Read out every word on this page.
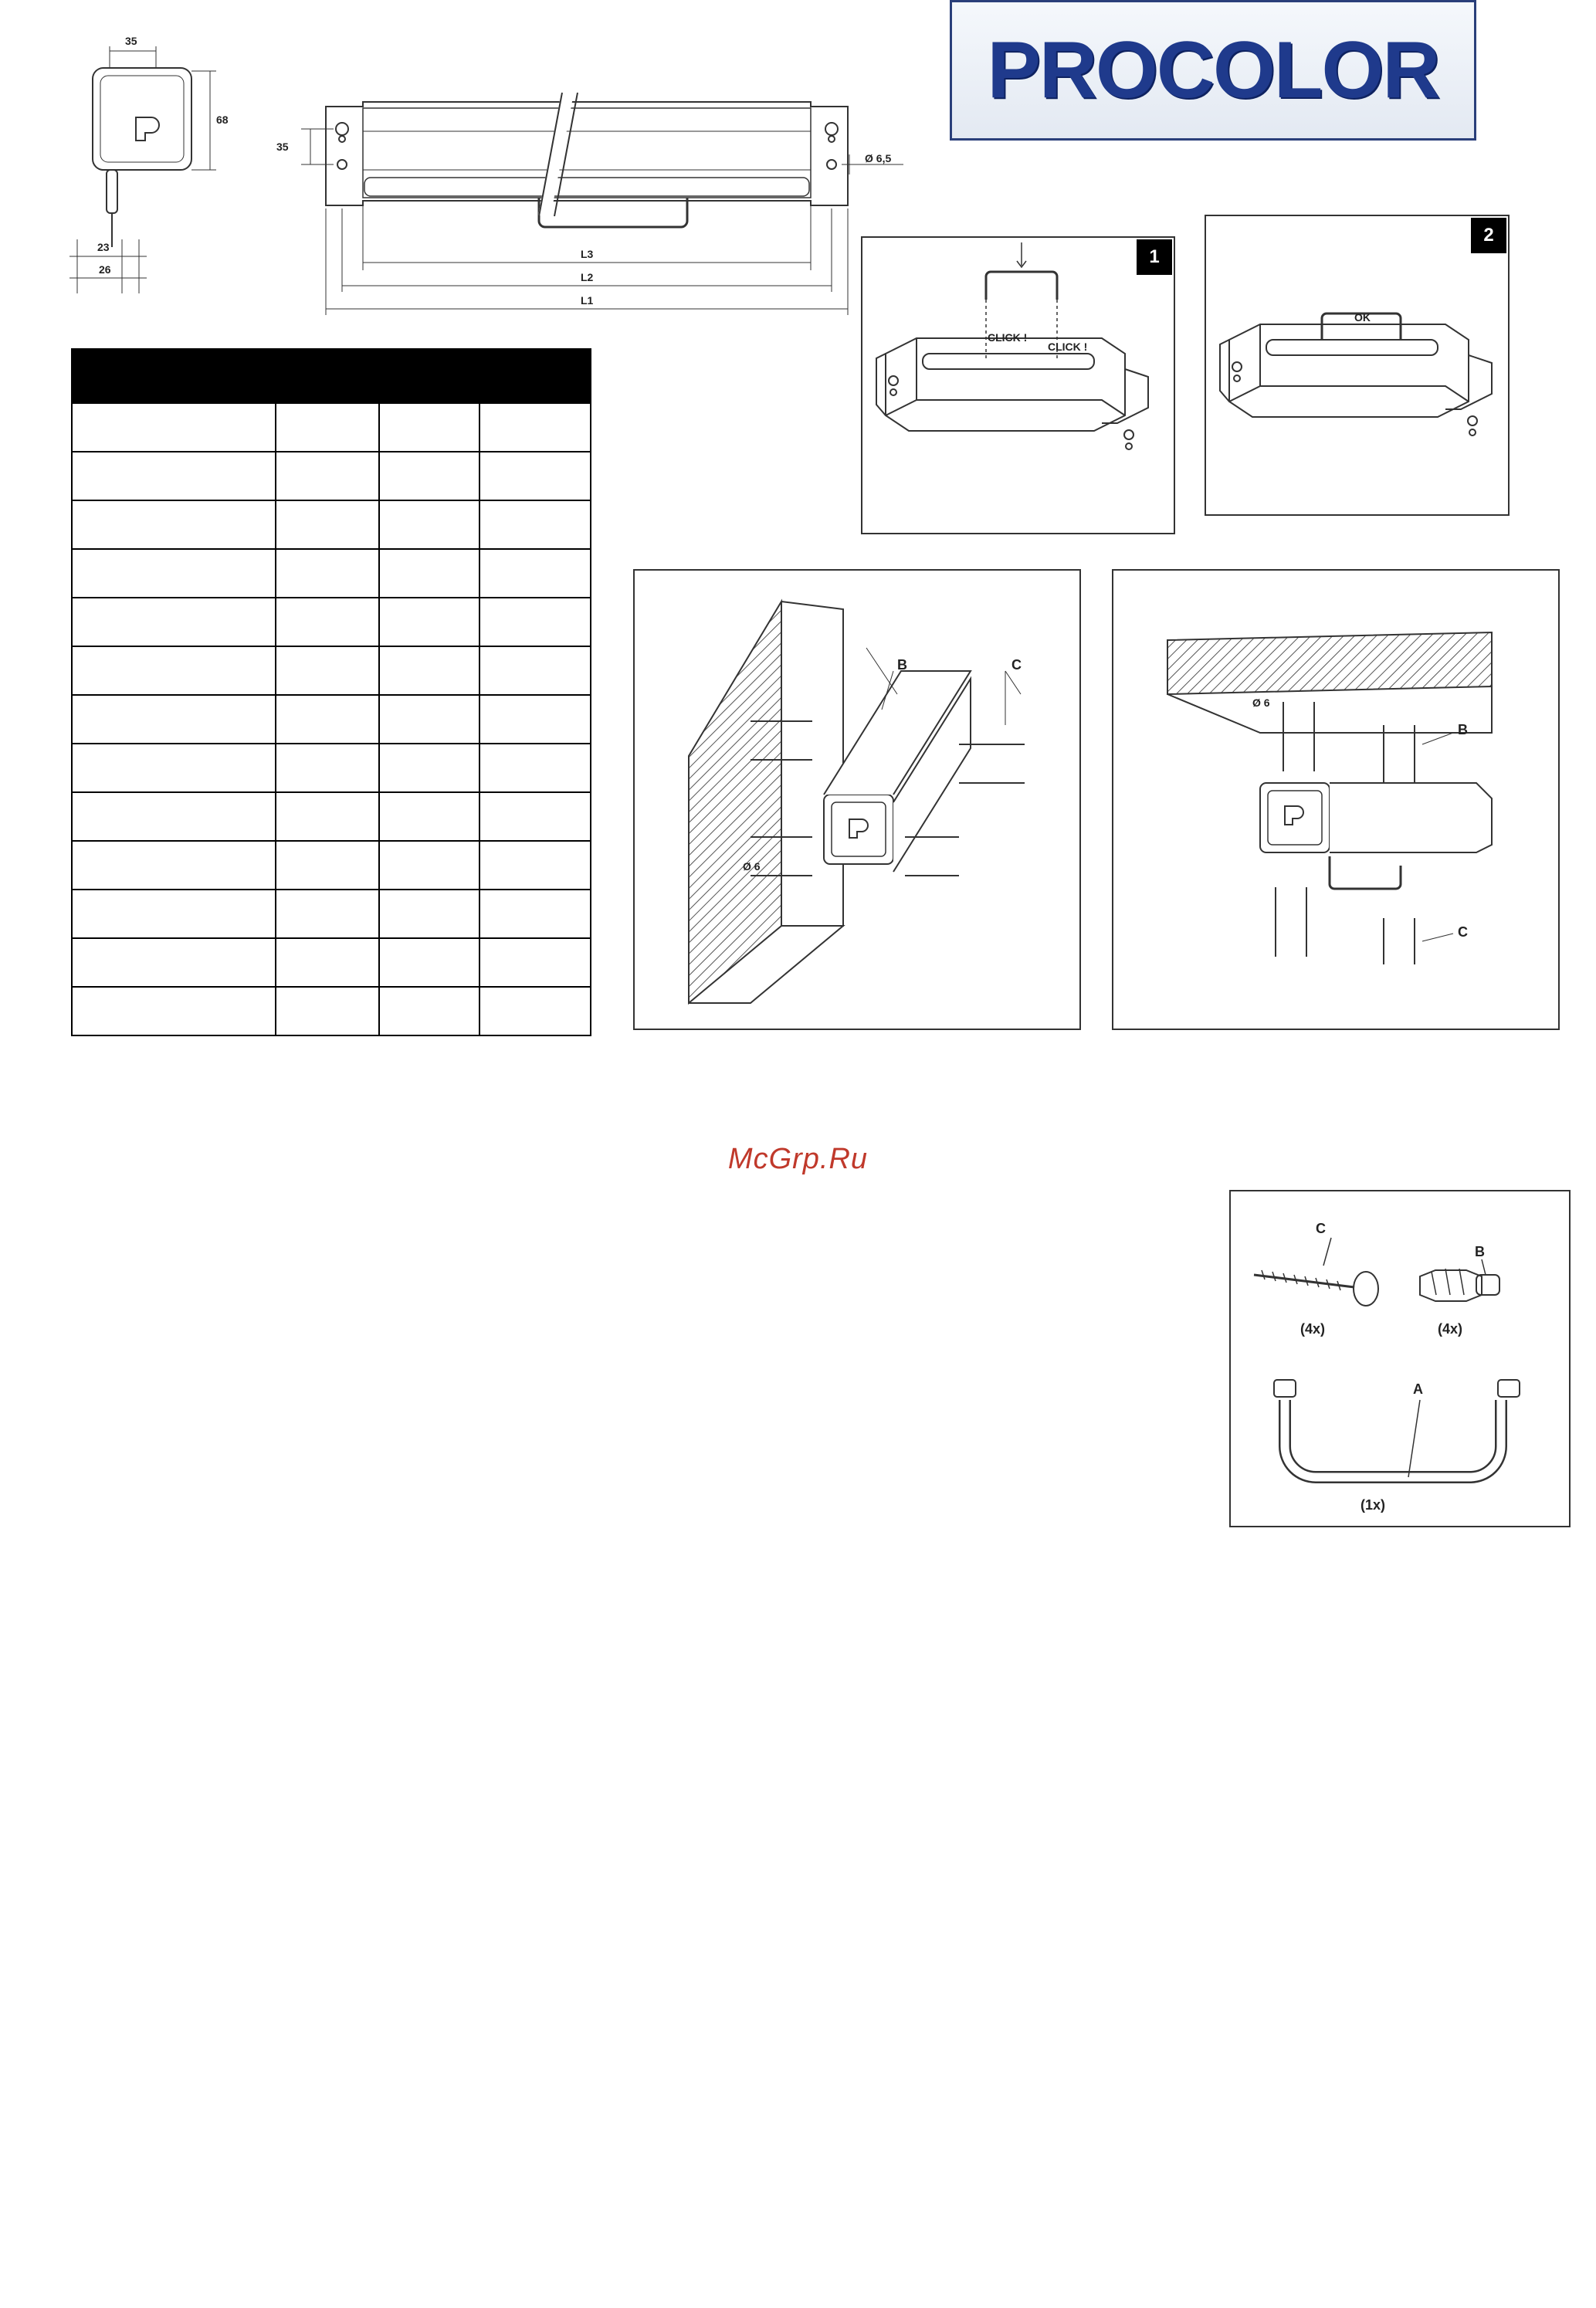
35
68
23
26
35
Ø 6,5
L3
L2
L1
PROCOLOR

1
CLICK !
CLICK !
2
OK
B	C
Ø 6
B
C
Ø 6
McGrp.Ru
C
(4x)
B
(4x)
A
(1x)
